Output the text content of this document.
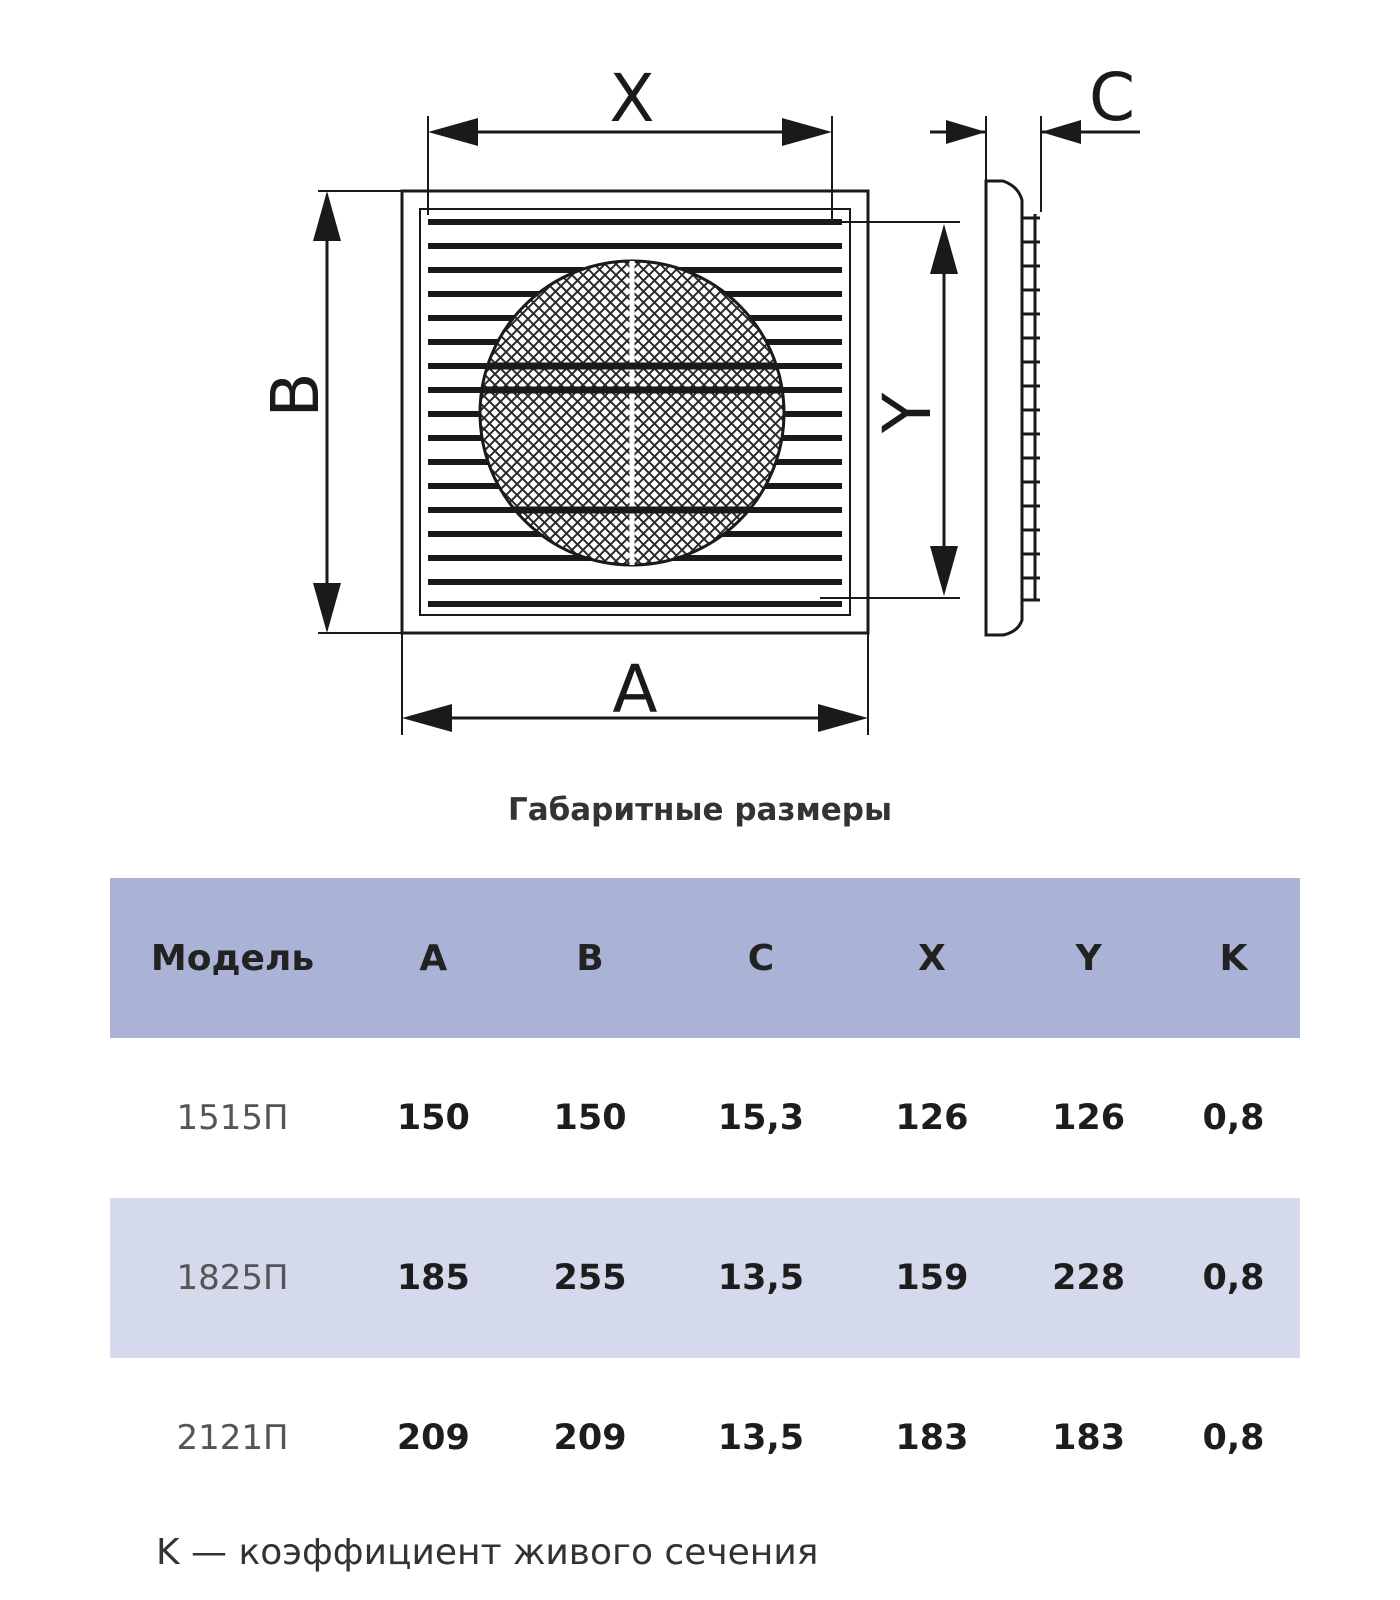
X
A
B	Y
C
Габаритные размеры
Модель	A	B	C	X	Y	K
1515П	150	150	15,3	126	126	0,8
1825П	185	255	13,5	159	228	0,8
2121П	209	209	13,5	183	183	0,8
K — коэффициент живого сечения
